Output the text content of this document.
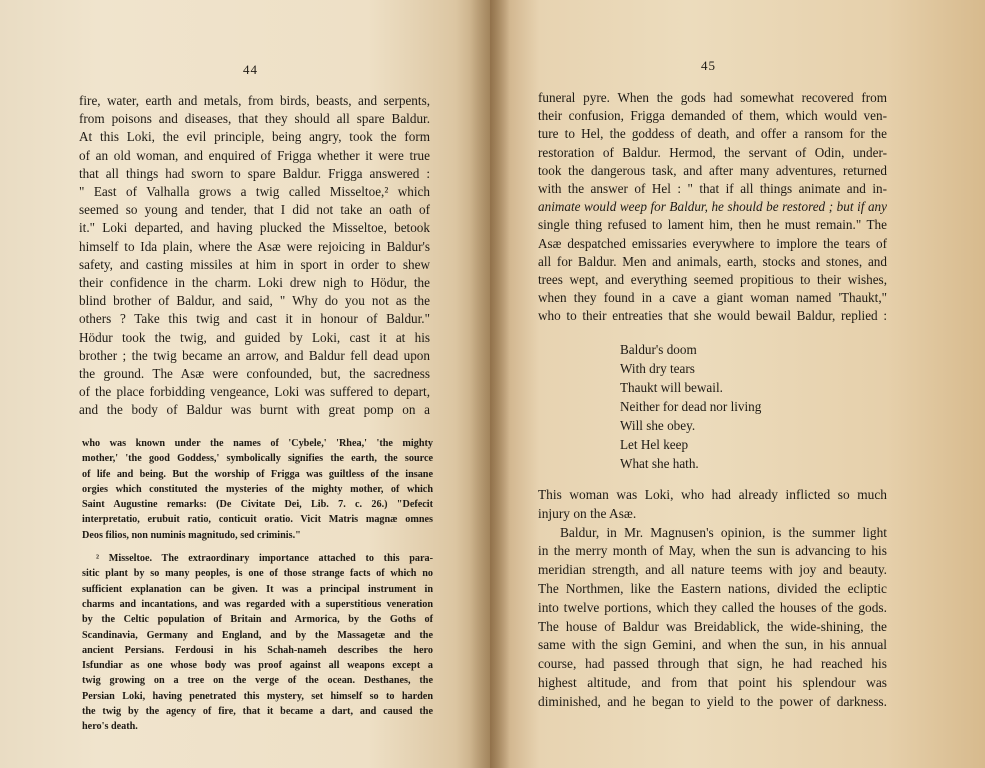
44
fire, water, earth and metals, from birds, beasts, and serpents,
from poisons and diseases, that they should all spare Baldur.
At this Loki, the evil principle, being angry, took the form
of an old woman, and enquired of Frigga whether it were true
that all things had sworn to spare Baldur. Frigga answered :
" East of Valhalla grows a twig called Misseltoe,² which
seemed so young and tender, that I did not take an oath of
it." Loki departed, and having plucked the Misseltoe, betook
himself to Ida plain, where the Asæ were rejoicing in Baldur's
safety, and casting missiles at him in sport in order to shew
their confidence in the charm. Loki drew nigh to Hödur, the
blind brother of Baldur, and said, " Why do you not as the
others ? Take this twig and cast it in honour of Baldur."
Hödur took the twig, and guided by Loki, cast it at his
brother ; the twig became an arrow, and Baldur fell dead upon
the ground. The Asæ were confounded, but, the sacredness
of the place forbidding vengeance, Loki was suffered to depart,
and the body of Baldur was burnt with great pomp on a
who was known under the names of 'Cybele,' 'Rhea,' 'the mighty
mother,' 'the good Goddess,' symbolically signifies the earth, the source
of life and being. But the worship of Frigga was guiltless of the insane
orgies which constituted the mysteries of the mighty mother, of which
Saint Augustine remarks: (De Civitate Dei, Lib. 7. c. 26.) "Defecit
interpretatio, erubuit ratio, conticuit oratio. Vicit Matris magnæ omnes
Deos filios, non numinis magnitudo, sed criminis."
² Misseltoe. The extraordinary importance attached to this para-
sitic plant by so many peoples, is one of those strange facts of which no
sufficient explanation can be given. It was a principal instrument in
charms and incantations, and was regarded with a superstitious veneration
by the Celtic population of Britain and Armorica, by the Goths of
Scandinavia, Germany and England, and by the Massagetæ and the
ancient Persians. Ferdousi in his Schah-nameh describes the hero
Isfundiar as one whose body was proof against all weapons except a
twig growing on a tree on the verge of the ocean. Desthanes, the
Persian Loki, having penetrated this mystery, set himself so to harden
the twig by the agency of fire, that it became a dart, and caused the
hero's death.
45
funeral pyre. When the gods had somewhat recovered from
their confusion, Frigga demanded of them, which would ven-
ture to Hel, the goddess of death, and offer a ransom for the
restoration of Baldur. Hermod, the servant of Odin, under-
took the dangerous task, and after many adventures, returned
with the answer of Hel : " that if all things animate and in-
animate would weep for Baldur, he should be restored ; but if any
single thing refused to lament him, then he must remain." The
Asæ despatched emissaries everywhere to implore the tears of
all for Baldur. Men and animals, earth, stocks and stones, and
trees wept, and everything seemed propitious to their wishes,
when they found in a cave a giant woman named 'Thaukt,"
who to their entreaties that she would bewail Baldur, replied :
Baldur's doom
With dry tears
Thaukt will bewail.
Neither for dead nor living
Will she obey.
Let Hel keep
What she hath.
This woman was Loki, who had already inflicted so much
injury on the Asæ.
Baldur, in Mr. Magnusen's opinion, is the summer light
in the merry month of May, when the sun is advancing to his
meridian strength, and all nature teems with joy and beauty.
The Northmen, like the Eastern nations, divided the ecliptic
into twelve portions, which they called the houses of the gods.
The house of Baldur was Breidablick, the wide-shining, the
same with the sign Gemini, and when the sun, in his annual
course, had passed through that sign, he had reached his
highest altitude, and from that point his splendour was
diminished, and he began to yield to the power of darkness.
